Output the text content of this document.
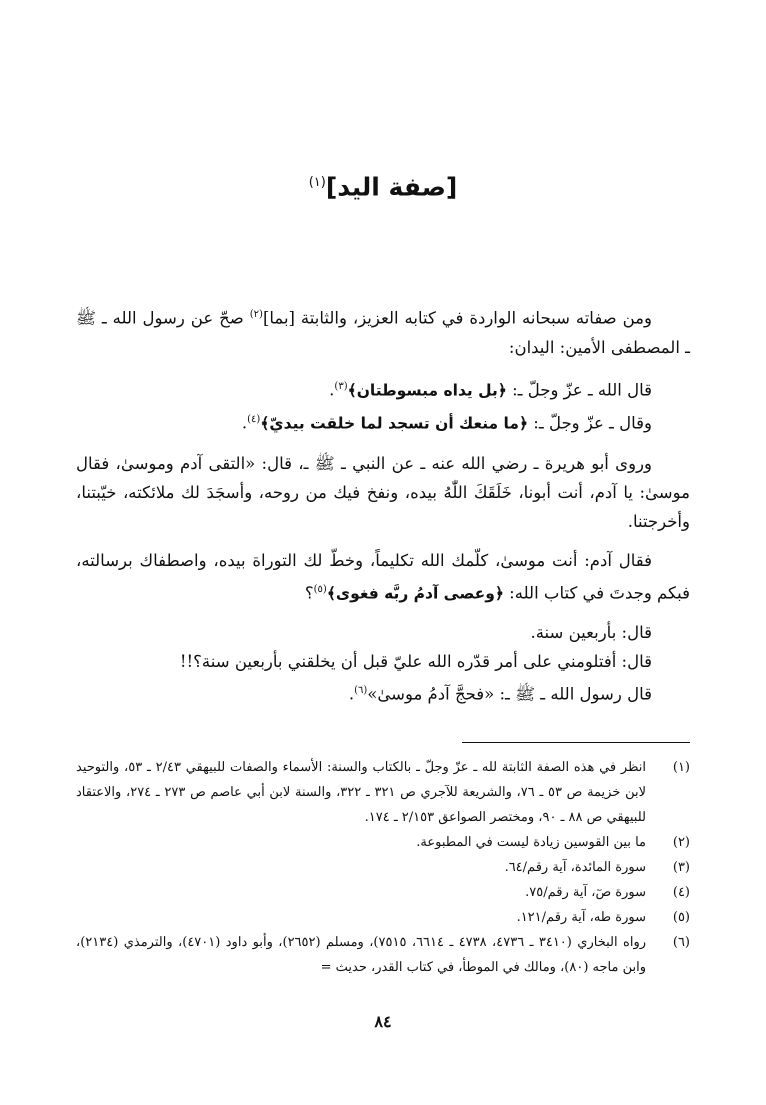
[صفة اليد]$^{(١)}$

ومن صفاته سبحانه الواردة في كتابه العزيز، والثابتة [بما]$^{(٢)}$ صحّ عن رسول الله ـ ﷺ ـ المصطفى الأمين: اليدان:

قال الله ـ عزّ وجلّ ـ: ﴿بل يداه مبسوطتان﴾$^{(٣)}$.

وقال ـ عزّ وجلّ ـ: ﴿ما منعك أن تسجد لما خلقت بيديّ﴾$^{(٤)}$.

وروى أبو هريرة ـ رضي الله عنه ـ عن النبي ـ ﷺ ـ، قال: «التقى آدم وموسىٰ، فقال موسىٰ: يا آدم، أنت أبونا، خَلَقَكَ اللّٰهُ بيده، ونفخ فيك من روحه، وأسجَدَ لك ملائكته، خيّبتنا، وأخرجتنا.

فقال آدم: أنت موسىٰ، كلّمك الله تكليماً، وخطّ لك التوراة بيده، واصطفاك برسالته، فبكم وجدتَ في كتاب الله: ﴿وعصى آدمُ ربَّه فغوى﴾$^{(٥)}$؟

قال: بأربعين سنة.

قال: أفتلومني على أمر قدّره الله عليّ قبل أن يخلقني بأربعين سنة؟!!

قال رسول الله ـ ﷺ ـ: «فحجَّ آدمُ موسىٰ»$^{(٦)}$.

(١)
انظر في هذه الصفة الثابتة لله ـ عزّ وجلّ ـ بالكتاب والسنة: الأسماء والصفات للبيهقي ٢/٤٣ ـ ٥٣، والتوحيد لابن خزيمة ص ٥٣ ـ ٧٦، والشريعة للآجري ص ٣٢١ ـ ٣٢٢، والسنة لابن أبي عاصم ص ٢٧٣ ـ ٢٧٤، والاعتقاد للبيهقي ص ٨٨ ـ ٩٠، ومختصر الصواعق ٢/١٥٣ ـ ١٧٤.
(٢)
ما بين القوسين زيادة ليست في المطبوعة.
(٣)
سورة المائدة، آية رقم/٦٤.
(٤)
سورة صٓ، آية رقم/٧٥.
(٥)
سورة طه، آية رقم/١٢١.
(٦)
رواه البخاري (٣٤١٠ ـ ٤٧٣٦، ٤٧٣٨ ـ ٦٦١٤، ٧٥١٥)، ومسلم (٢٦٥٢)، وأبو داود (٤٧٠١)، والترمذي (٢١٣٤)، وابن ماجه (٨٠)، ومالك في الموطأ، في كتاب القدر، حديث =
٨٤
